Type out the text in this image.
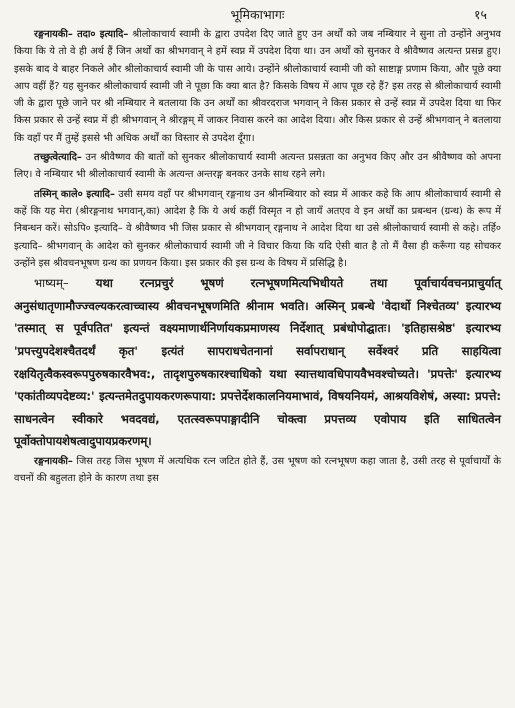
भूमिकाभागः	१५

रङ्गनायकी– तदा० इत्यादि– श्रीलोकाचार्य स्वामी के द्वारा उपदेश दिए जाते हुए उन अर्थों को जब नम्बियार ने सुना तो उन्होंने अनुभव किया कि ये तो वे ही अर्थ हैं जिन अर्थों का श्रीभगवान् ने हमें स्वप्न में उपदेश दिया था। उन अर्थों को सुनकर वे श्रीवैष्णव अत्यन्त प्रसन्न हुए। इसके बाद वे बाहर निकले और श्रीलोकाचार्य स्वामी जी के पास आये। उन्होंने श्रीलोकाचार्य स्वामी जी को साष्टाङ्ग प्रणाम किया, और पूछे क्या आप वहीं हैं? यह सुनकर श्रीलोकाचार्य स्वामी जी ने पूछा कि क्या बात है? किसके विषय में आप पूछ रहे हैं? इस तरह से श्रीलोकाचार्य स्वामी जी के द्वारा पूछे जाने पर श्री नम्बियार ने बतलाया कि उन अर्थों का श्रीवरदराज भगवान् ने किस प्रकार से उन्हें स्वप्न में उपदेश दिया था फिर किस प्रकार से उन्हें स्वप्न में ही श्रीभगवान् ने श्रीरङ्गम् में जाकर निवास करने का आदेश दिया। और किस प्रकार से उन्हें श्रीभगवान् ने बतलाया कि वहाँ पर मैं तुम्हें इससे भी अधिक अर्थों का विस्तार से उपदेश दूँगा।

तच्छुत्वेत्यादि– उन श्रीवैष्णव की बातों को सुनकर श्रीलोकाचार्य स्वामी अत्यन्त प्रसन्नता का अनुभव किए और उन श्रीवैष्णव को अपना लिए। वे नम्बियार भी श्रीलोकाचार्य स्वामी के अत्यन्त अन्तरङ्ग बनकर उनके साथ रहने लगे।

तस्मिन् काले० इत्यादि– उसी समय वहाँ पर श्रीभगवान् रङ्गनाथ उन श्रीनम्बियार को स्वप्न में आकर कहे कि आप श्रीलोकाचार्य स्वामी से कहें कि यह मेरा (श्रीरङ्गनाथ भगवान्‌,का) आदेश है कि ये अर्थ कहीं विस्मृत न हो जायँ अतएव वे इन अर्थों का प्रबन्धन (ग्रन्थ) के रूप में निबन्धन करें। सोऽपि० इत्यादि– वे श्रीवैष्णव भी जिस प्रकार से श्रीभगवान् रङ्गनाथ ने आदेश दिया था उसे श्रीलोकाचार्य स्वामी से कहे। तर्हि० इत्यादि– श्रीभगवान् के आदेश को सुनकर श्रीलोकाचार्य स्वामी जी ने विचार किया कि यदि ऐसी बात है तो मैं वैसा ही करूँगा यह सोचकर उन्होंने इस श्रीवचनभूषण ग्रन्थ का प्रणयन किया। इस प्रकार की इस ग्रन्थ के विषय में प्रसिद्धि है।

भाष्यम्– यथा रत्नप्रचुरं भूषणं रत्नभूषणमित्यभिधीयते तथा पूर्वाचार्यवचनप्राचुर्यात् अनुसंधातृणामौज्ज्वल्यकरत्वाच्चास्य श्रीवचनभूषणमिति श्रीनाम भवति। अस्मिन् प्रबन्धे 'वेदार्थो निश्चेतव्य' इत्यारभ्य 'तस्मात् स पूर्वपतित' इत्यन्तं वक्ष्यमाणार्थनिर्णायकप्रमाणस्य निर्देशात् प्रबंधोपोद्घातः। 'इतिहासश्रेष्ठ' इत्यारभ्य 'प्रपत्त्युपदेशश्चैतदर्थं कृत' इत्यंतं सापराधचेतनानां सर्वापराधान् सर्वेश्वरं प्रति साहयित्वा रक्षयितृत्वैकस्वरूपपुरुषकारवैभव:, तादृशपुरुषकारश्चाधिको यथा स्यात्तथावधिपायवैभवश्चोच्यते। 'प्रपत्तेः' इत्यारभ्य 'एकांतीव्यपदेष्टव्य:' इत्यन्तमेतदुपायकरणरूपाया: प्रपत्तेर्देशकालनियमाभावं, विषयनियमं, आश्रयविशेषं, अस्या: प्रपत्ते: साधनत्वेन स्वीकारे भवदवद्यं, एतत्स्वरूपपाङ्गादीनि चोक्त्वा प्रपत्तव्य एवोपाय इति साधितत्वेन पूर्वोक्तोपायशेषत्वादुपायप्रकरणम्।

रङ्गनायकी– जिस तरह जिस भूषण में अत्यधिक रत्न जटित होते हैं, उस भूषण को रत्नभूषण कहा जाता है, उसी तरह से पूर्वाचार्यों के वचनों की बहुलता होने के कारण तथा इस
